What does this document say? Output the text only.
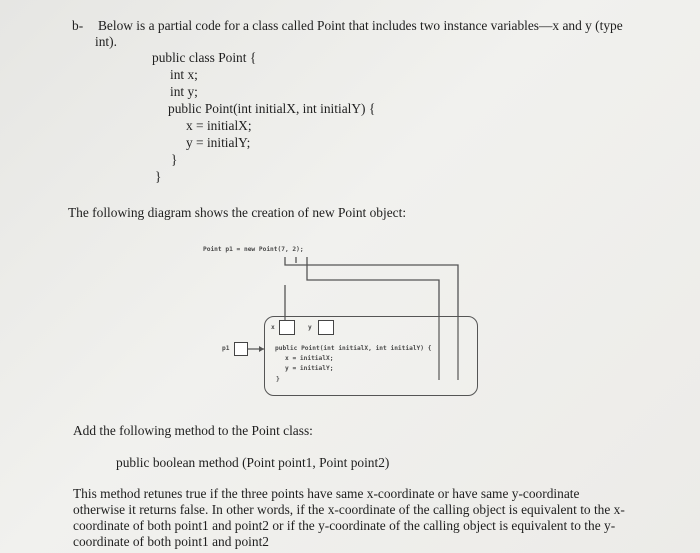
b- Below is a partial code for a class called Point that includes two instance variables—x and y (type
int).
public class Point {
int x;
int y;
public Point(int initialX, int initialY) {
x = initialX;
y = initialY;
}
}
The following diagram shows the creation of new Point object:
Point p1 = new Point(7, 2);
x	y
p1	public Point(int initialX, int initialY) {
x = initialX;
y = initialY;
}
Add the following method to the Point class:
public boolean method (Point point1, Point point2)
This method retunes true if the three points have same x-coordinate or have same y-coordinate
otherwise it returns false. In other words, if the x-coordinate of the calling object is equivalent to the x-
coordinate of both point1 and point2 or if the y-coordinate of the calling object is equivalent to the y-
coordinate of both point1 and point2
